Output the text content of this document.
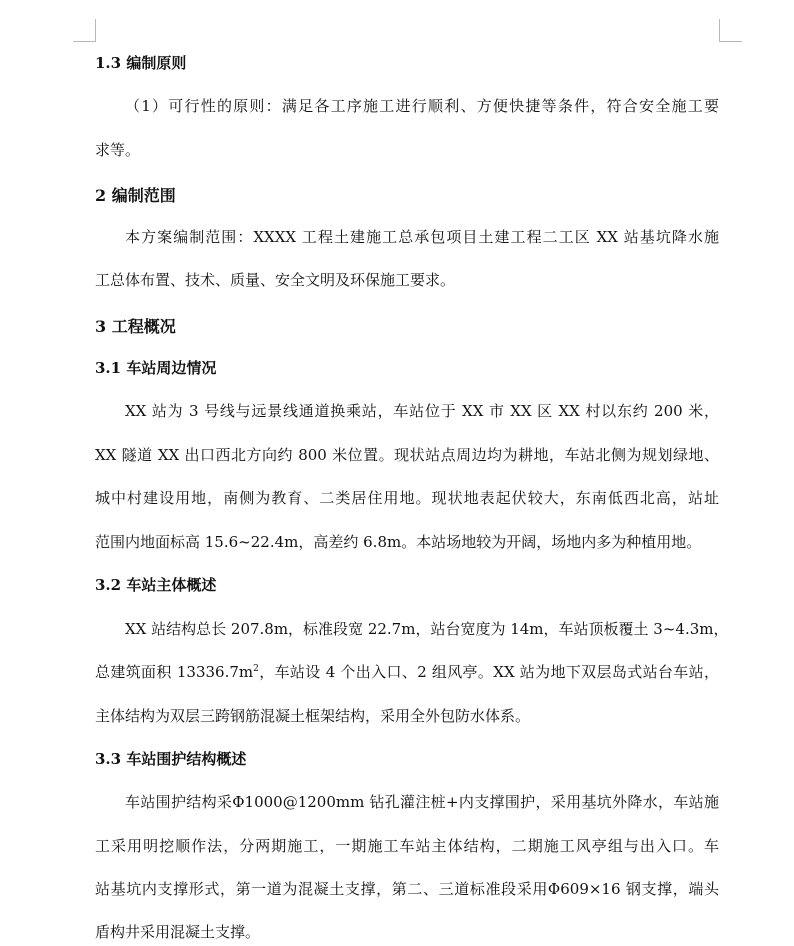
1.3 编制原则
（1）可行性的原则：满足各工序施工进行顺利、方便快捷等条件，符合安全施工要
求等。
2 编制范围
本方案编制范围：XXXX 工程土建施工总承包项目土建工程二工区 XX 站基坑降水施
工总体布置、技术、质量、安全文明及环保施工要求。
3 工程概况
3.1 车站周边情况
XX 站为 3 号线与远景线通道换乘站，车站位于 XX 市 XX 区 XX 村以东约 200 米，
XX 隧道 XX 出口西北方向约 800 米位置。现状站点周边均为耕地，车站北侧为规划绿地、
城中村建设用地，南侧为教育、二类居住用地。现状地表起伏较大，东南低西北高，站址
范围内地面标高 15.6~22.4m，高差约 6.8m。本站场地较为开阔，场地内多为种植用地。
3.2 车站主体概述
XX 站结构总长 207.8m，标准段宽 22.7m，站台宽度为 14m，车站顶板覆土 3~4.3m，
总建筑面积 $13336.7m^2$，车站设 4 个出入口、2 组风亭。XX 站为地下双层岛式站台车站，
主体结构为双层三跨钢筋混凝土框架结构，采用全外包防水体系。
3.3 车站围护结构概述
车站围护结构采Φ1000@1200mm 钻孔灌注桩+内支撑围护，采用基坑外降水，车站施
工采用明挖顺作法，分两期施工，一期施工车站主体结构，二期施工风亭组与出入口。车
站基坑内支撑形式，第一道为混凝土支撑，第二、三道标准段采用Φ609×16 钢支撑，端头
盾构井采用混凝土支撑。
